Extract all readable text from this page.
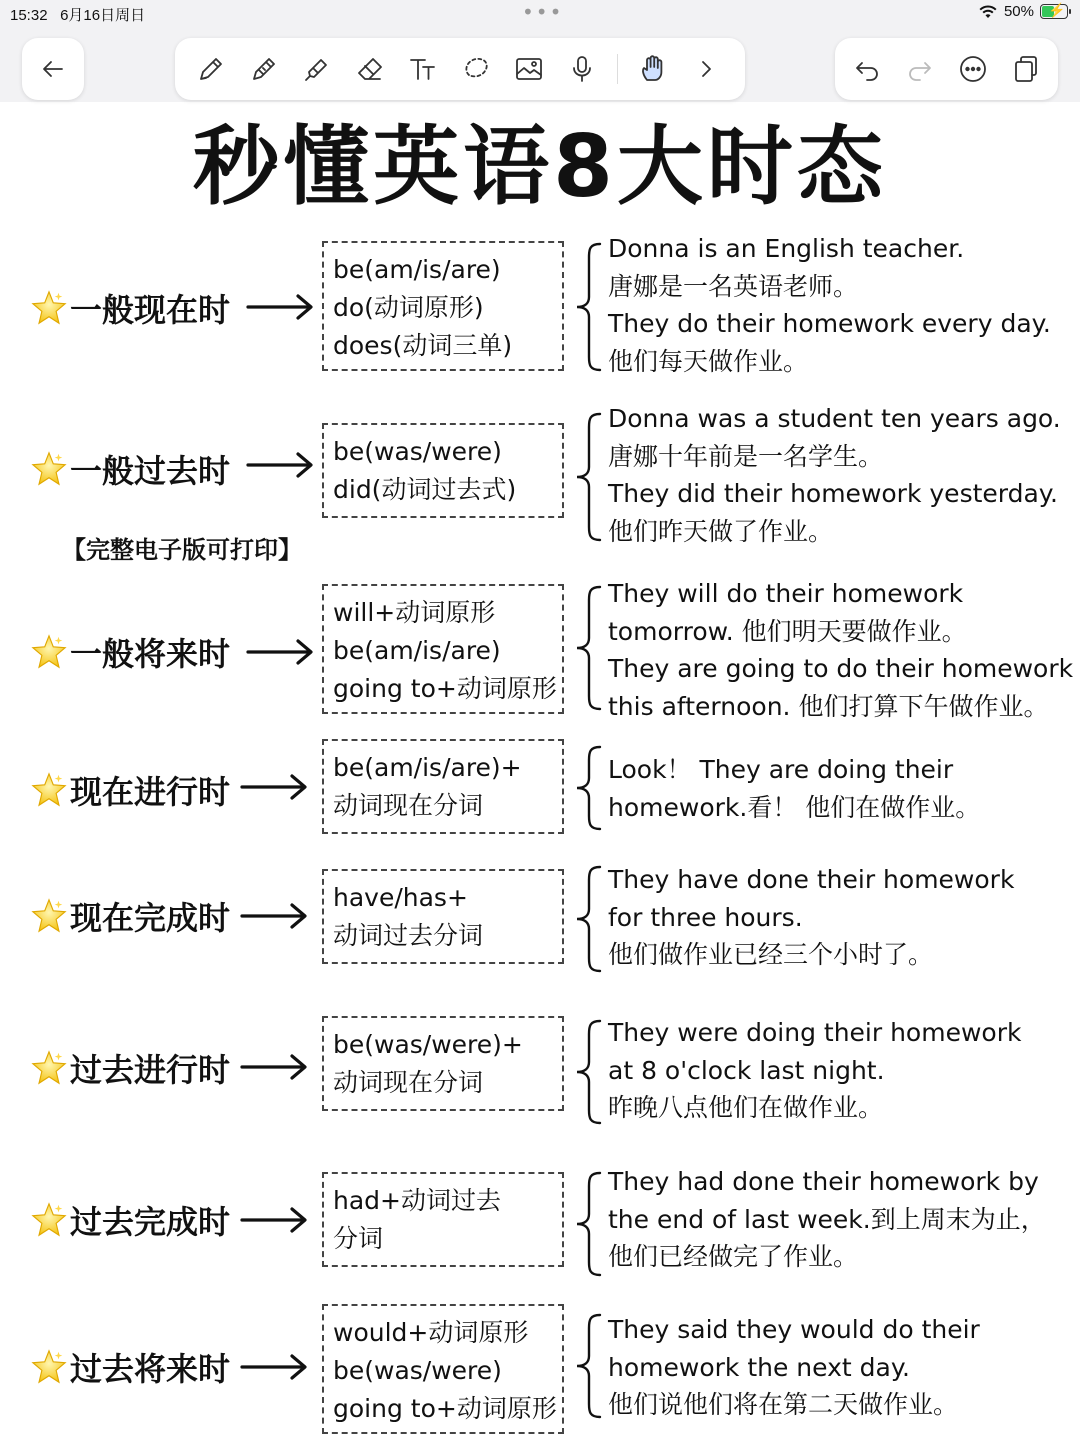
15:32 6月16日周日	•••	50% ⚡
秒懂英语8大时态
【完整电子版可打印】
一般现在时
be(am/is/are)
do(动词原形)
does(动词三单)
Donna is an English teacher.
唐娜是一名英语老师。
They do their homework every day.
他们每天做作业。
一般过去时
be(was/were)
did(动词过去式)
Donna was a student ten years ago.
唐娜十年前是一名学生。
They did their homework yesterday.
他们昨天做了作业。
一般将来时
will+动词原形
be(am/is/are)
going to+动词原形
They will do their homework
tomorrow. 他们明天要做作业。
They are going to do their homework
this afternoon. 他们打算下午做作业。
现在进行时
be(am/is/are)+
动词现在分词
Look！ They are doing their
homework.看！ 他们在做作业。
现在完成时
have/has+
动词过去分词
They have done their homework
for three hours.
他们做作业已经三个小时了。
过去进行时
be(was/were)+
动词现在分词
They were doing their homework
at 8 o'clock last night.
昨晚八点他们在做作业。
过去完成时
had+动词过去
分词
They had done their homework by
the end of last week.到上周末为止，
他们已经做完了作业。
过去将来时
would+动词原形
be(was/were)
going to+动词原形
They said they would do their
homework the next day.
他们说他们将在第二天做作业。
